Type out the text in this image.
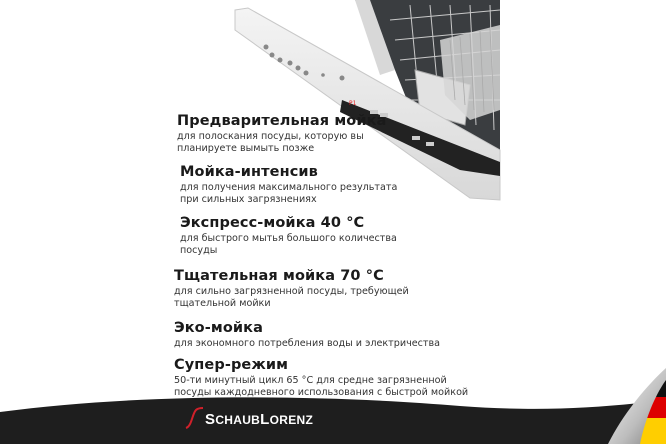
P1
Предварительная мойка

для полоскания посуды, которую вы
планируете вымыть позже

Мойка-интенсив

для получения максимального результата
при сильных загрязнениях

Экспресс-мойка 40 °C

для быстрого мытья большого количества
посуды

Тщательная мойка 70 °C

для сильно загрязненной посуды, требующей
тщательной мойки

Эко-мойка

для экономного потребления воды и электричества

Супер-режим

50-ти минутный цикл 65 °C для средне загрязненной
посуды каждодневного использования с быстрой мойкой

SCHAUBLORENZ
